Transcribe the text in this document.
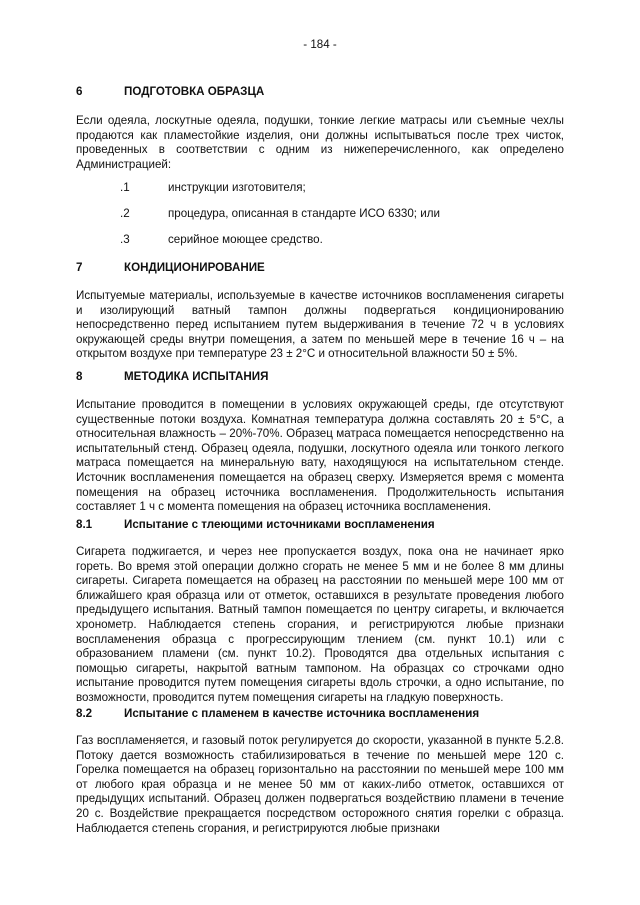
- 184 -
6	ПОДГОТОВКА ОБРАЗЦА

Если одеяла, лоскутные одеяла, подушки, тонкие легкие матрасы или съемные чехлы продаются как пламестойкие изделия, они должны испытываться после трех чисток, проведенных в соответствии с одним из нижеперечисленного, как определено Администрацией:

.1	инструкции изготовителя;
.2	процедура, описанная в стандарте ИСО 6330; или
.3	серийное моющее средство.
7	КОНДИЦИОНИРОВАНИЕ

Испытуемые материалы, используемые в качестве источников воспламенения сигареты и изолирующий ватный тампон должны подвергаться кондиционированию непосредственно перед испытанием путем выдерживания в течение 72 ч в условиях окружающей среды внутри помещения, а затем по меньшей мере в течение 16 ч – на открытом воздухе при температуре 23 ± 2°С и относительной влажности 50 ± 5%.

8	МЕТОДИКА ИСПЫТАНИЯ

Испытание проводится в помещении в условиях окружающей среды, где отсутствуют существенные потоки воздуха. Комнатная температура должна составлять 20 ± 5°С, а относительная влажность – 20%-70%. Образец матраса помещается непосредственно на испытательный стенд. Образец одеяла, подушки, лоскутного одеяла или тонкого легкого матраса помещается на минеральную вату, находящуюся на испытательном стенде. Источник воспламенения помещается на образец сверху. Измеряется время с момента помещения на образец источника воспламенения. Продолжительность испытания составляет 1 ч с момента помещения на образец источника воспламенения.

8.1	Испытание с тлеющими источниками воспламенения

Сигарета поджигается, и через нее пропускается воздух, пока она не начинает ярко гореть. Во время этой операции должно сгорать не менее 5 мм и не более 8 мм длины сигареты. Сигарета помещается на образец на расстоянии по меньшей мере 100 мм от ближайшего края образца или от отметок, оставшихся в результате проведения любого предыдущего испытания. Ватный тампон помещается по центру сигареты, и включается хронометр. Наблюдается степень сгорания, и регистрируются любые признаки воспламенения образца с прогрессирующим тлением (см. пункт 10.1) или с образованием пламени (см. пункт 10.2). Проводятся два отдельных испытания с помощью сигареты, накрытой ватным тампоном. На образцах со строчками одно испытание проводится путем помещения сигареты вдоль строчки, а одно испытание, по возможности, проводится путем помещения сигареты на гладкую поверхность.

8.2	Испытание с пламенем в качестве источника воспламенения

Газ воспламеняется, и газовый поток регулируется до скорости, указанной в пункте 5.2.8. Потоку дается возможность стабилизироваться в течение по меньшей мере 120 с. Горелка помещается на образец горизонтально на расстоянии по меньшей мере 100 мм от любого края образца и не менее 50 мм от каких-либо отметок, оставшихся от предыдущих испытаний. Образец должен подвергаться воздействию пламени в течение 20 с. Воздействие прекращается посредством осторожного снятия горелки с образца. Наблюдается степень сгорания, и регистрируются любые признаки
